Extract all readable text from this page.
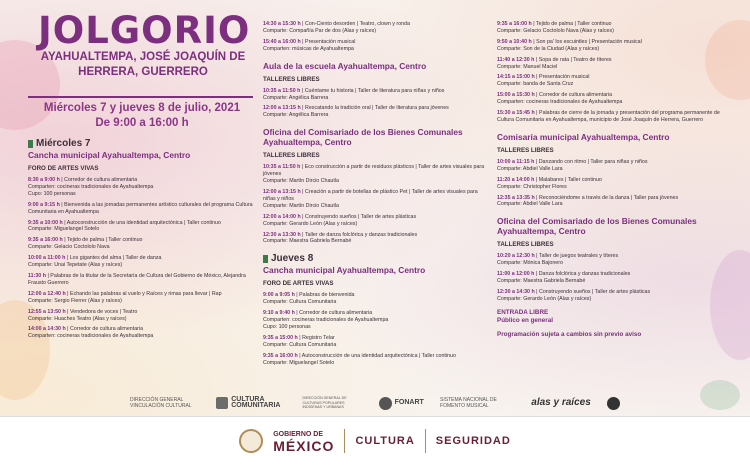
JOLGORIO
AYAHUALTEMPA, JOSÉ JOAQUÍN DE HERRERA, GUERRERO
Miércoles 7 y jueves 8 de julio, 2021
De 9:00 a 16:00 h
Miércoles 7
Cancha municipal Ayahualtempa, Centro
FORO DE ARTES VIVAS
8:30 a 9:00 h | Corredor de cultura alimentaria
Comparten: cocineras tradicionales de Ayahualtempa
Cupo: 100 personas
9:00 a 9:15 h | Bienvenida a las jornadas permanentes artístico culturales del programa Cultura Comunitaria en Ayahualtempa
9:35 a 10:00 h | Autoconstrucción de una identidad arquitectónica | Taller continuo
Comparte: Miguelangel Sotelo
9:35 a 16:00 h | Tejido de palma | Taller continuo
Comparte: Gelacio Coctololo Nava
10:00 a 11:00 h | Los gigantes del alma | Taller de danza
Comparte: Unai Tepetate (Alas y raíces)
11:30 h | Palabras de la titular de la Secretaría de Cultura del Gobierno de México, Alejandra Frausto Guerrero
12:00 a 12:40 h | Echando las palabras al vuelo y Raíces y rimas para llevar | Rap
Comparte: Sergio Fierrer (Alas y raíces)
12:55 a 13:50 h | Vendedora de voces | Teatro
Comparte: Huaches Teatro (Alas y raíces)
14:00 a 14:30 h | Corredor de cultura alimentaria
Comparten: cocineras tradicionales de Ayahualtempa
14:30 a 15:30 h | Con-Ciento desorden | Teatro, clown y ronda
Comparte: Compañía Par de dos (Alas y raíces)
15:40 a 16:00 h | Presentación musical
Comparten: músicas de Ayahualtempa
Aula de la escuela Ayahualtempa, Centro
TALLERES LIBRES
10:35 a 11:50 h | Cuéntame tu historia | Taller de literatura para niñas y niños
Comparte: Angélica Barrera
12:00 a 13:15 h | Rescatando la tradición oral | Taller de literatura para jóvenes
Comparte: Angélica Barrera
Oficina del Comisariado de los Bienes Comunales Ayahualtempa, Centro
TALLERES LIBRES
10:35 a 11:50 h | Eco construcción a partir de residuos plásticos | Taller de artes visuales para jóvenes
Comparte: Martín Dircio Chautla
12:00 a 13:15 h | Creación a partir de botellas de plástico Pet | Taller de artes visuales para niñas y niños
Comparte: Martín Dircio Chautla
12:00 a 14:00 h | Construyendo sueños | Taller de artes plásticas
Comparte: Gerardo León (Alas y raíces)
12:30 a 13:30 h | Taller de danza folclórica y danzas tradicionales
Comparte: Maestra Gabriela Bernabé
Jueves 8
Cancha municipal Ayahualtempa, Centro
FORO DE ARTES VIVAS
9:00 a 9:05 h | Palabras de bienvenida
Comparte: Cultura Comunitaria
9:10 a 9:40 h | Corredor de cultura alimentaria
Comparten: cocineras tradicionales de Ayahualtempa
Cupo: 100 personas
9:35 a 15:00 h | Registro Telar
Comparte: Cultura Comunitaria
9:35 a 16:00 h | Autoconstrucción de una identidad arquitectónica | Taller continuo
Comparte: Miguelangel Sotelo
9:35 a 16:00 h | Tejido de palma | Taller continuo
Comparte: Gelacio Coctololo Nava (Alas y raíces)
9:50 a 10:40 h | Son pa' los escuintles | Presentación musical
Comparte: Son de la Ciudad (Alas y raíces)
11:40 a 12:30 h | Sopa de rata | Teatro de títeres
Comparte: Manuel Maciel
14:15 a 15:00 h | Presentación musical
Comparte: banda de Santa Cruz
15:00 a 15:30 h | Corredor de cultura alimentaria
Comparten: cocineras tradicionales de Ayahualtempa
15:30 a 15:45 h | Palabras de cierre de la jornada y presentación del programa permanente de Cultura Comunitaria en Ayahualtempa, municipio de José Joaquín de Herrera, Guerrero
Comisaría municipal Ayahualtempa, Centro
TALLERES LIBRES
10:00 a 11:15 h | Danzando con ritmo | Taller para niñas y niños
Comparte: Abdiel Valle Lara
11:20 a 14:00 h | Malabares | Taller continuo
Comparte: Christopher Flores
12:35 a 13:35 h | Reconociéndome a través de la danza | Taller para jóvenes
Comparte: Abdiel Valle Lara
Oficina del Comisariado de los Bienes Comunales Ayahualtempa, Centro
TALLERES LIBRES
10:20 a 12:30 h | Taller de juegos teatrales y títeres
Comparte: Mónica Bajonero
11:00 a 12:00 h | Danza folclórica y danzas tradicionales
Comparte: Maestra Gabriela Bernabé
12:30 a 14:30 h | Construyendo sueños | Taller de artes plásticas
Comparte: Gerardo León (Alas y raíces)
ENTRADA LIBRE
Público en general
Programación sujeta a cambios sin previo aviso
DIRECCIÓN GENERAL VINCULACIÓN CULTURAL
CULTURA COMUNITARIA
DIRECCIÓN GENERAL DE CULTURAS POPULARES INDÍGENAS Y URBANAS
FONART	SISTEMA NACIONAL DE FOMENTO MUSICAL	alas y raíces
GOBIERNO DE
MÉXICO CULTURA SEGURIDAD
